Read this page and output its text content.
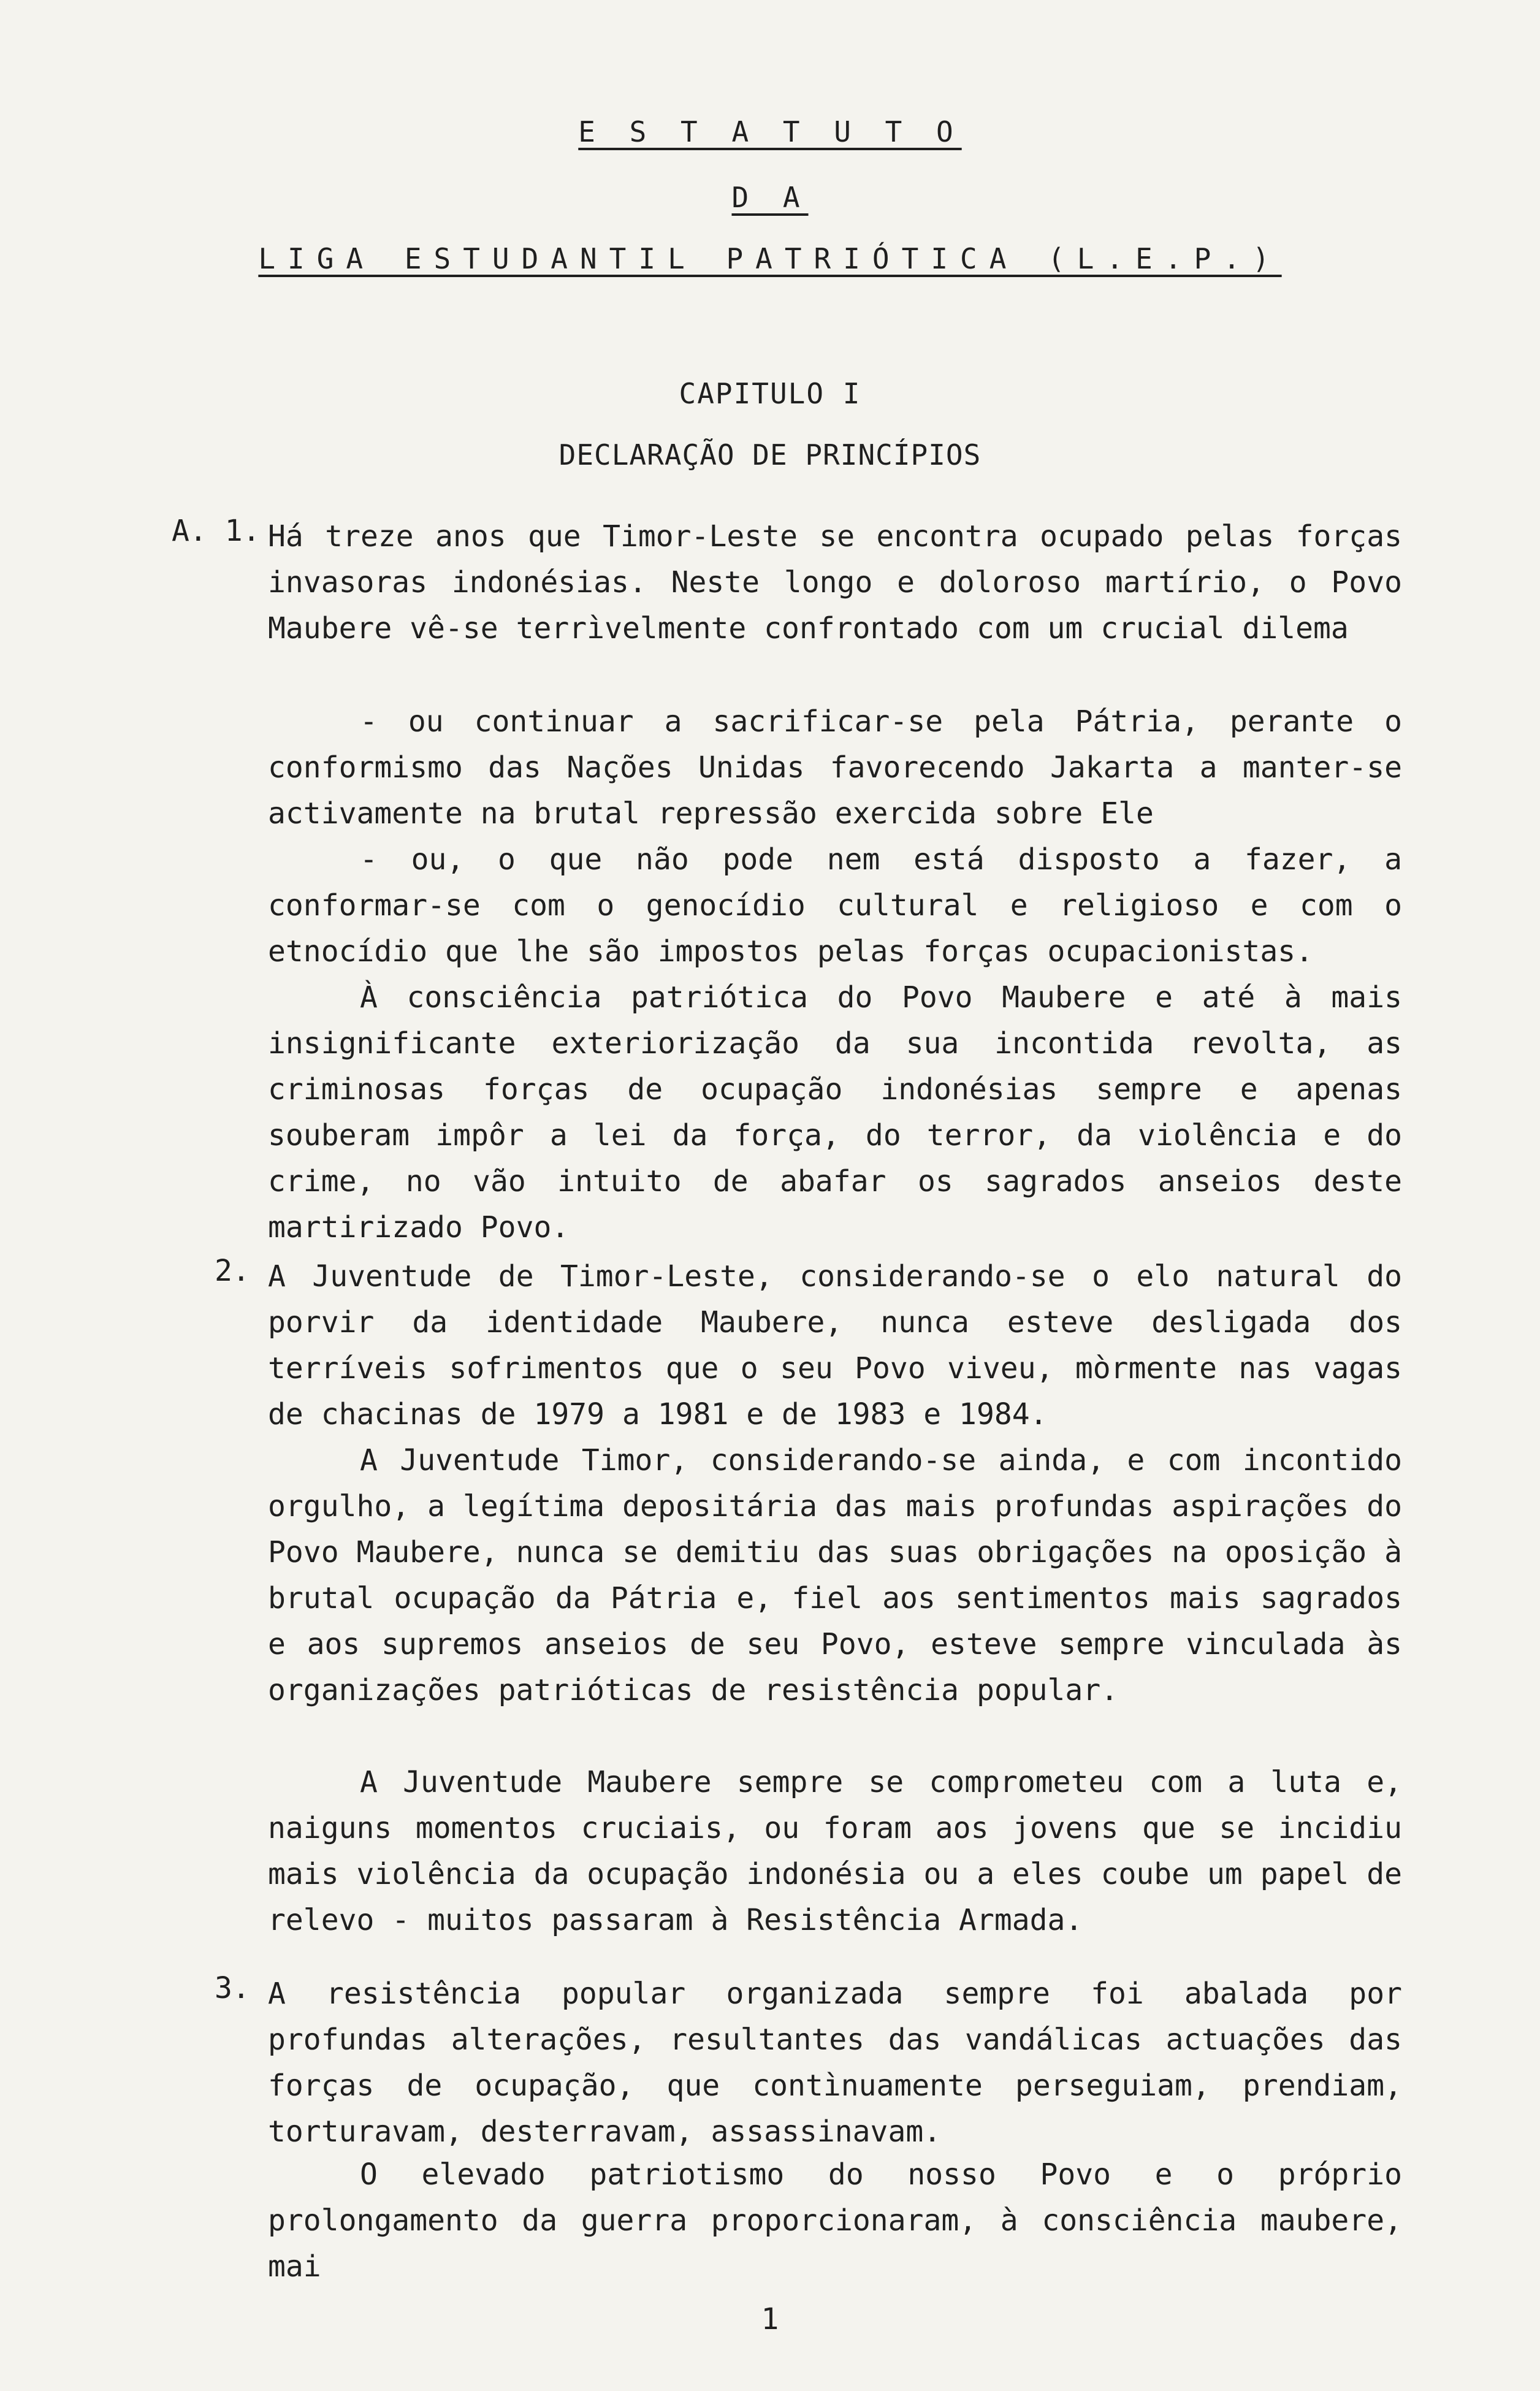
E S T A T U T O
D A
LIGA ESTUDANTIL PATRIÓTICA (L.E.P.)
CAPITULO I
DECLARAÇÃO DE PRINCÍPIOS
A. 1. Há treze anos que Timor-Leste se encontra ocupado pelas forças invasoras indonésias. Neste longo e doloroso martírio, o Povo Maubere vê-se terrìvelmente confrontado com um crucial dilema
- ou continuar a sacrificar-se pela Pátria, perante o conformismo das Nações Unidas favorecendo Jakarta a manter-se activamente na brutal repressão exercida sobre Ele
- ou, o que não pode nem está disposto a fazer, a conformar-se com o genocídio cultural e religioso e com o etnocídio que lhe são impostos pelas forças ocupacionistas.
À consciência patriótica do Povo Maubere e até à mais insignificante exteriorização da sua incontida revolta, as criminosas forças de ocupação indonésias sempre e apenas souberam impôr a lei da força, do terror, da violência e do crime, no vão intuito de abafar os sagrados anseios deste martirizado Povo.
2. A Juventude de Timor-Leste, considerando-se o elo natural do porvir da identidade Maubere, nunca esteve desligada dos terríveis sofrimentos que o seu Povo viveu, mòrmente nas vagas de chacinas de 1979 a 1981 e de 1983 e 1984.
A Juventude Timor, considerando-se ainda, e com incontido orgulho, a legítima depositária das mais profundas aspirações do Povo Maubere, nunca se demitiu das suas obrigações na oposição à brutal ocupação da Pátria e, fiel aos sentimentos mais sagrados e aos supremos anseios de seu Povo, esteve sempre vinculada às organizações patrióticas de resistência popular.
A Juventude Maubere sempre se comprometeu com a luta e, naiguns momentos cruciais, ou foram aos jovens que se incidiu mais violência da ocupação indonésia ou a eles coube um papel de relevo - muitos passaram à Resistência Armada.
3. A resistência popular organizada sempre foi abalada por profundas alterações, resultantes das vandálicas actuações das forças de ocupação, que contìnuamente perseguiam, prendiam, torturavam, desterravam, assassinavam.
O elevado patriotismo do nosso Povo e o próprio prolongamento da guerra proporcionaram, à consciência maubere, mai
1
